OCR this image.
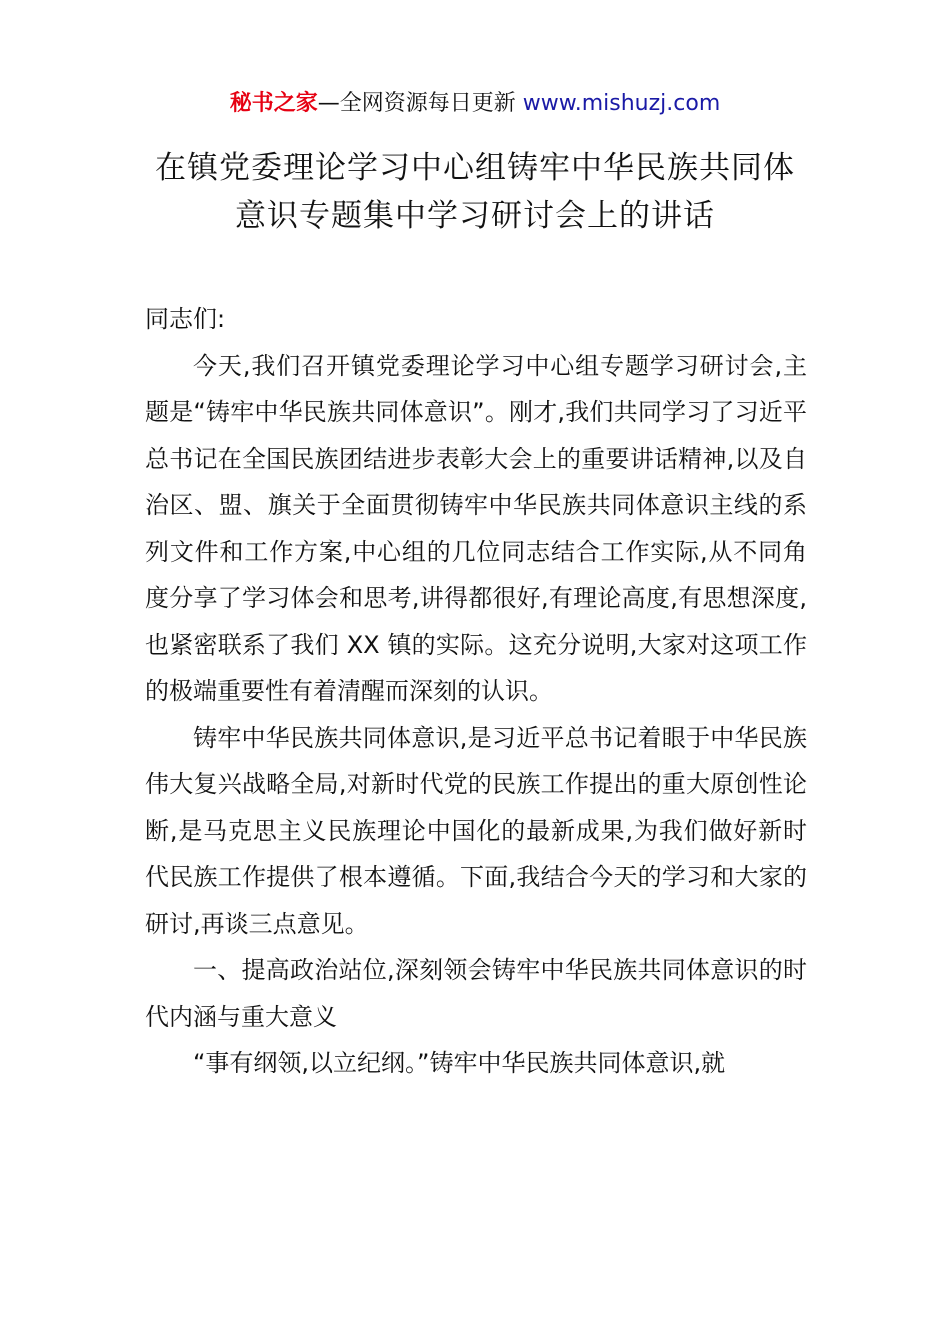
秘书之家—全网资源每日更新 www.mishuzj.com
在镇党委理论学习中心组铸牢中华民族共同体
意识专题集中学习研讨会上的讲话

同志们:

今天,我们召开镇党委理论学习中心组专题学习研讨会,主题是“铸牢中华民族共同体意识”。刚才,我们共同学习了习近平总书记在全国民族团结进步表彰大会上的重要讲话精神,以及自治区、盟、旗关于全面贯彻铸牢中华民族共同体意识主线的系列文件和工作方案,中心组的几位同志结合工作实际,从不同角度分享了学习体会和思考,讲得都很好,有理论高度,有思想深度,也紧密联系了我们 XX 镇的实际。这充分说明,大家对这项工作的极端重要性有着清醒而深刻的认识。

铸牢中华民族共同体意识,是习近平总书记着眼于中华民族伟大复兴战略全局,对新时代党的民族工作提出的重大原创性论断,是马克思主义民族理论中国化的最新成果,为我们做好新时代民族工作提供了根本遵循。下面,我结合今天的学习和大家的研讨,再谈三点意见。

一、提高政治站位,深刻领会铸牢中华民族共同体意识的时代内涵与重大意义

“事有纲领,以立纪纲。”铸牢中华民族共同体意识,就
